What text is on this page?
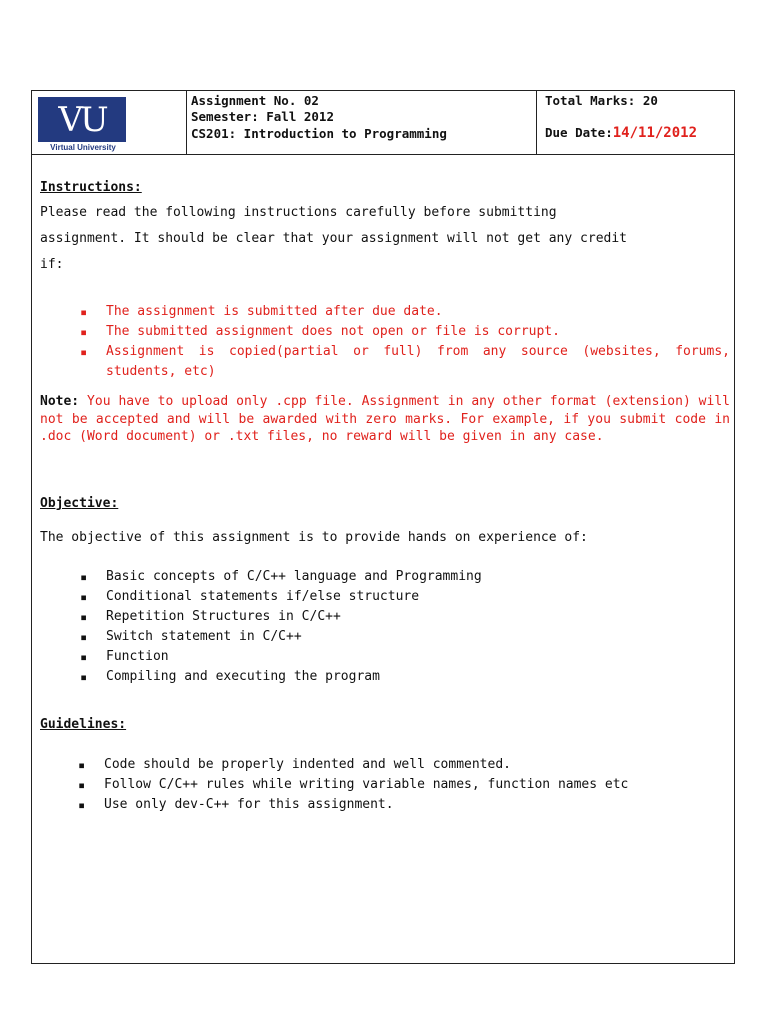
VU
Virtual University
Assignment No. 02
Semester: Fall 2012
CS201: Introduction to Programming
Total Marks: 20
Due Date:14/11/2012
Instructions:
Please read the following instructions carefully before submitting
assignment. It should be clear that your assignment will not get any credit
if:
▪ The assignment is submitted after due date.
▪ The submitted assignment does not open or file is corrupt.
▪ Assignment is copied(partial or full) from any source (websites, forums, students, etc)
Note: You have to upload only .cpp file. Assignment in any other format (extension) will not be accepted and will be awarded with zero marks. For example, if you submit code in .doc (Word document) or .txt files, no reward will be given in any case.
Objective:
The objective of this assignment is to provide hands on experience of:
▪ Basic concepts of C/C++ language and Programming
▪ Conditional statements if/else structure
▪ Repetition Structures in C/C++
▪ Switch statement in C/C++
▪ Function
▪ Compiling and executing the program
Guidelines:
▪ Code should be properly indented and well commented.
▪ Follow C/C++ rules while writing variable names, function names etc
▪ Use only dev-C++ for this assignment.
